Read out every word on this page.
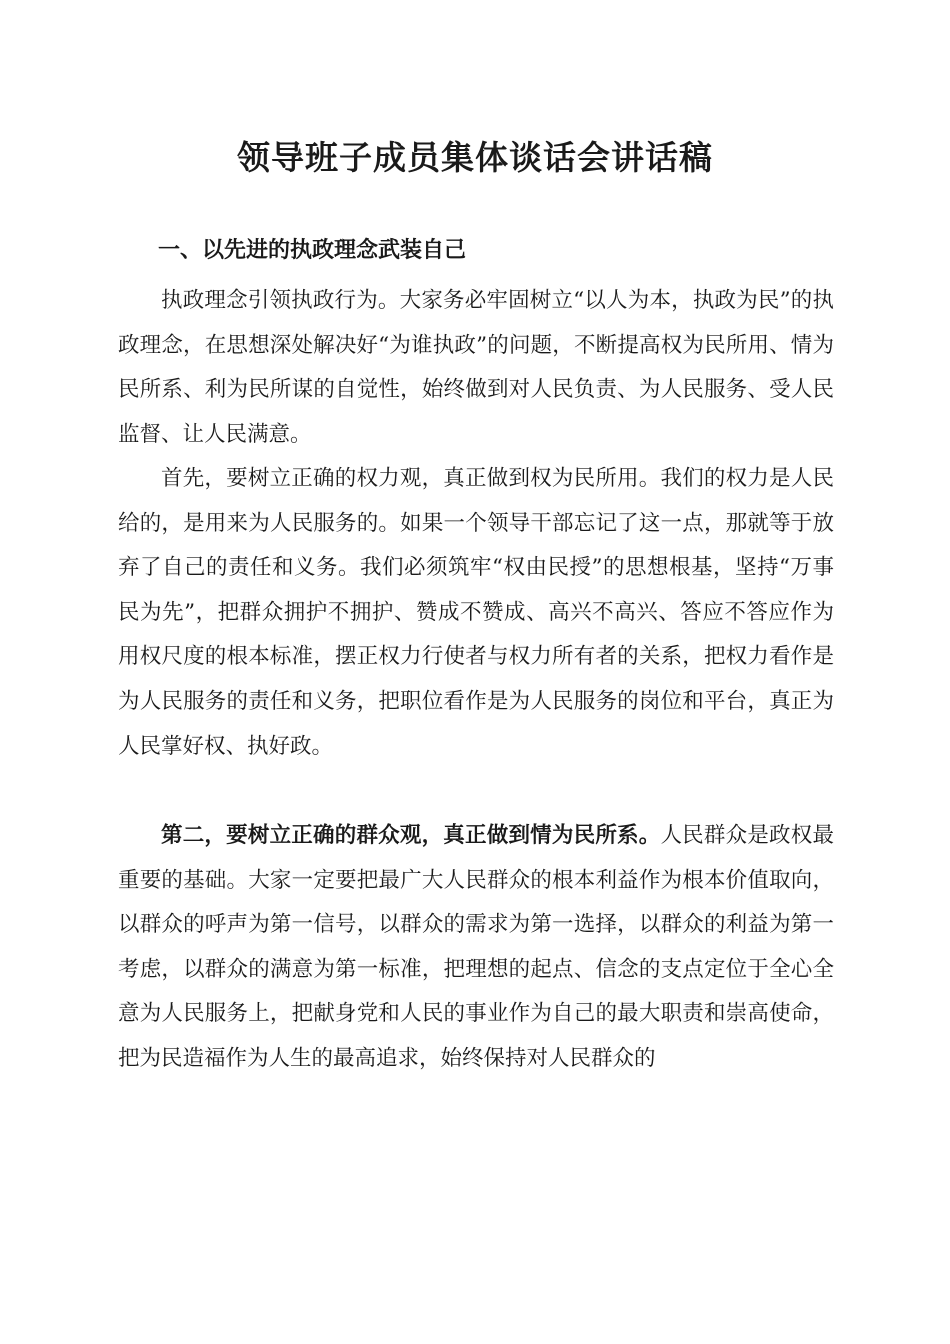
领导班子成员集体谈话会讲话稿
一、以先进的执政理念武装自己

执政理念引领执政行为。大家务必牢固树立“以人为本，执政为民”的执政理念，在思想深处解决好“为谁执政”的问题，不断提高权为民所用、情为民所系、利为民所谋的自觉性，始终做到对人民负责、为人民服务、受人民监督、让人民满意。

首先，要树立正确的权力观，真正做到权为民所用。我们的权力是人民给的，是用来为人民服务的。如果一个领导干部忘记了这一点，那就等于放弃了自己的责任和义务。我们必须筑牢“权由民授”的思想根基，坚持“万事民为先”，把群众拥护不拥护、赞成不赞成、高兴不高兴、答应不答应作为用权尺度的根本标准，摆正权力行使者与权力所有者的关系，把权力看作是为人民服务的责任和义务，把职位看作是为人民服务的岗位和平台，真正为人民掌好权、执好政。

第二，要树立正确的群众观，真正做到情为民所系。人民群众是政权最重要的基础。大家一定要把最广大人民群众的根本利益作为根本价值取向，以群众的呼声为第一信号，以群众的需求为第一选择，以群众的利益为第一考虑，以群众的满意为第一标准，把理想的起点、信念的支点定位于全心全意为人民服务上，把献身党和人民的事业作为自己的最大职责和崇高使命，把为民造福作为人生的最高追求，始终保持对人民群众的
